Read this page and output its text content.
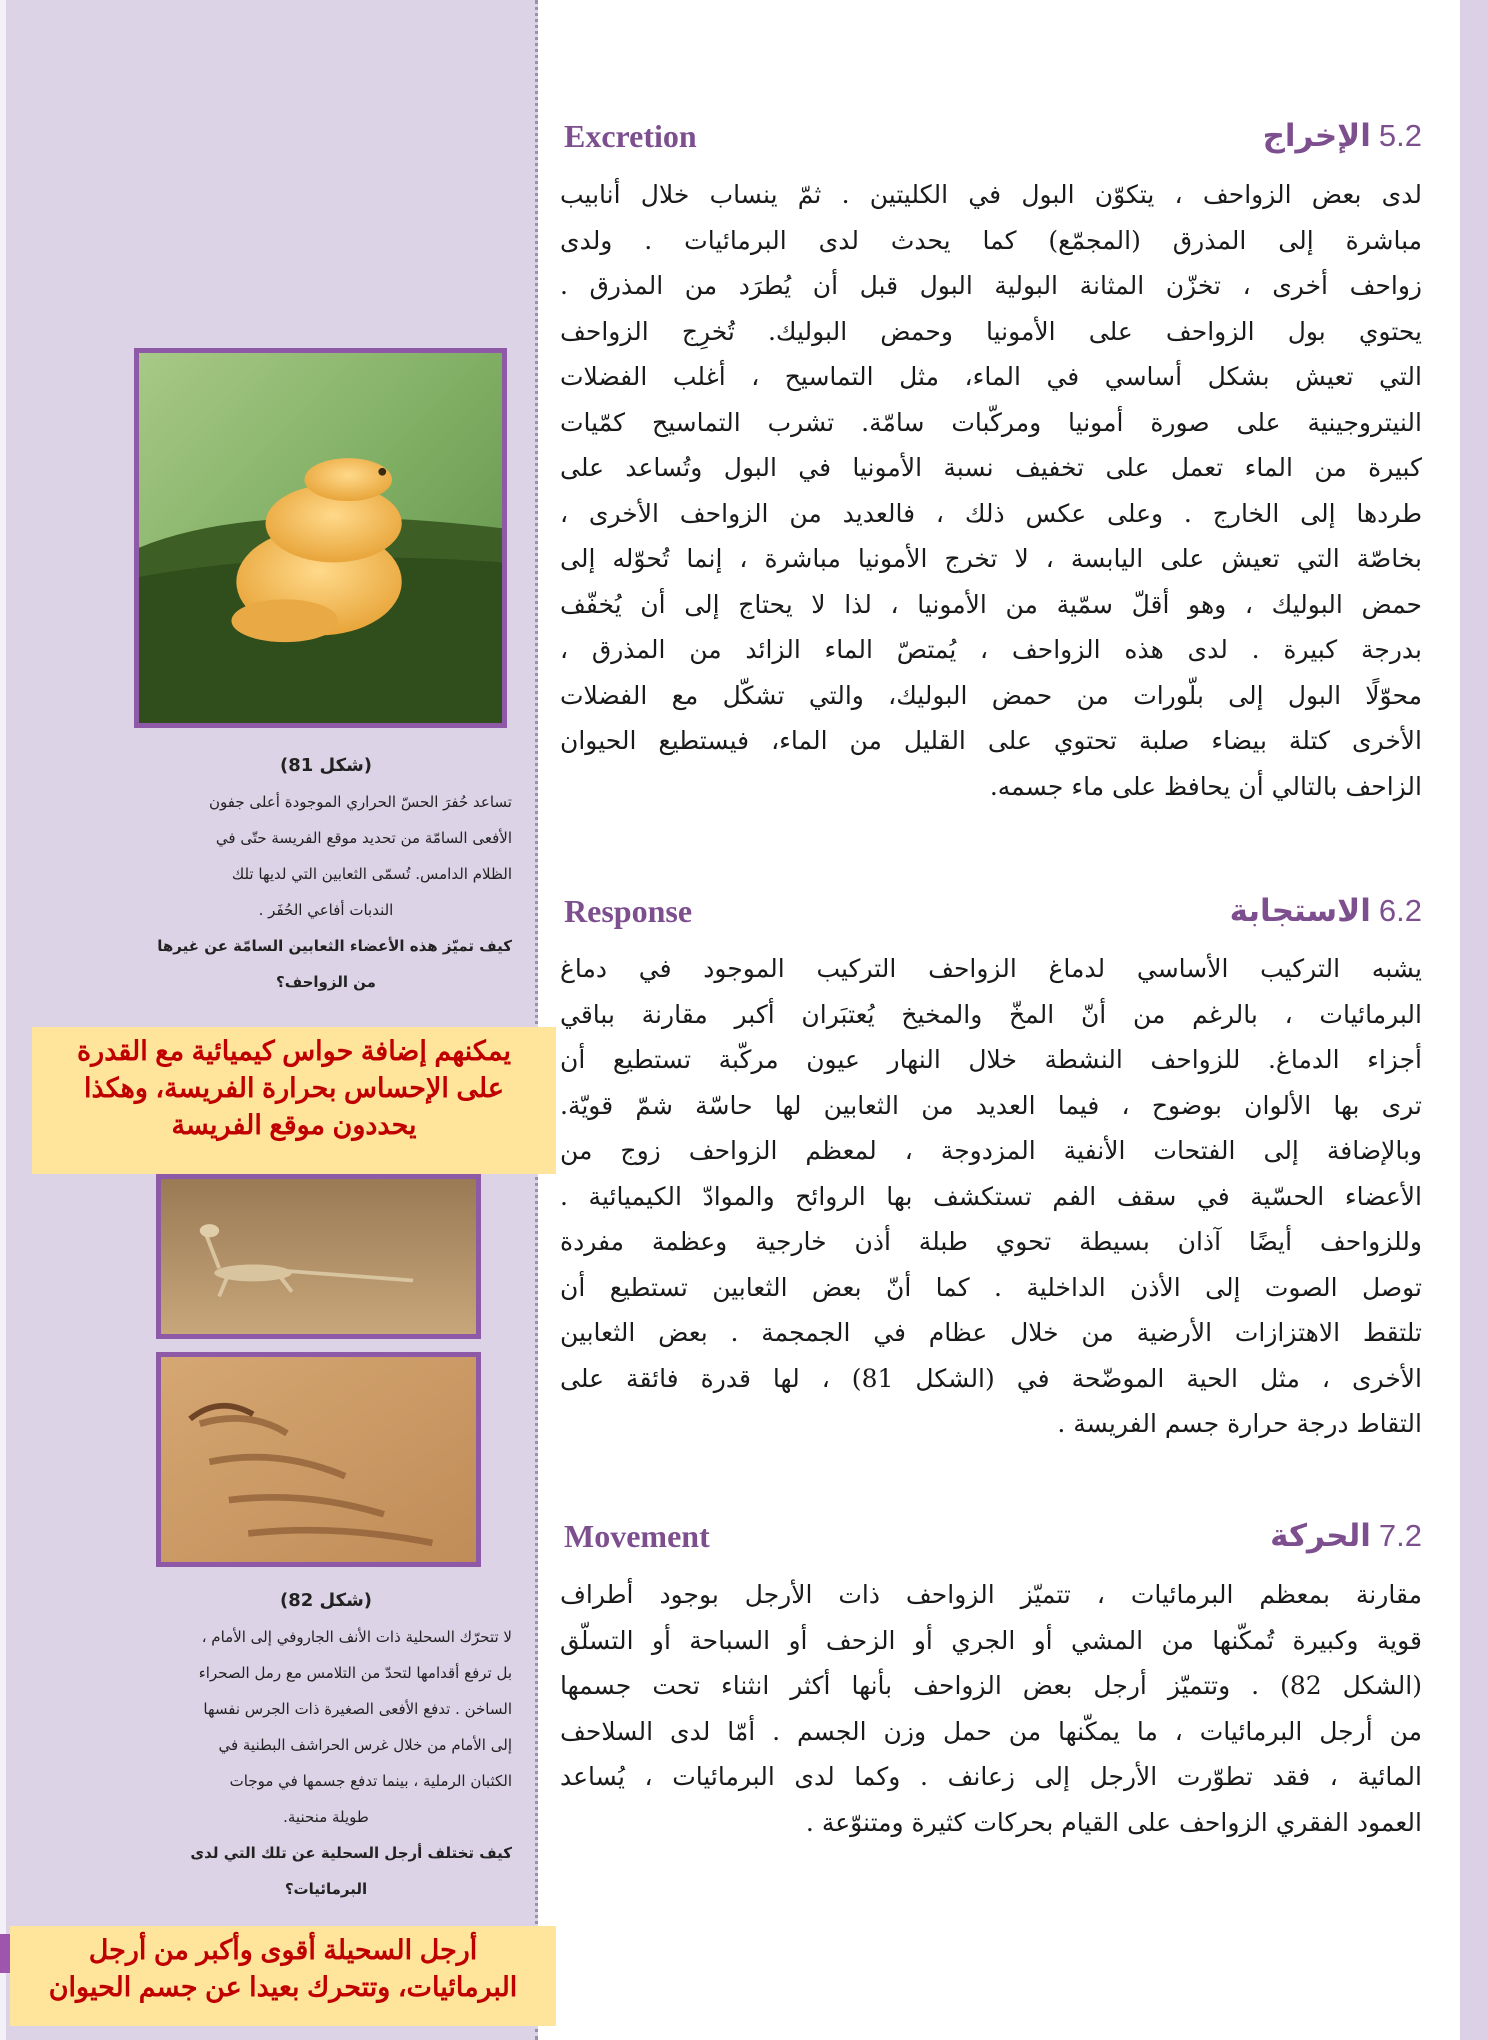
(شكل 81)
تساعد حُفرَ الحسّ الحراري الموجودة أعلى جفون
الأفعى السامّة من تحديد موقع الفريسة حتّى في
الظلام الدامس. تُسمّى الثعابين التي لديها تلك
الندبات أفاعي الحُفَر .
كيف تميّز هذه الأعضاء الثعابين السامّة عن غيرها
من الزواحف؟
(شكل 82)
لا تتحرّك السحلية ذات الأنف الجاروفي إلى الأمام ،
بل ترفع أقدامها لتحدّ من التلامس مع رمل الصحراء
الساخن . تدفع الأفعى الصغيرة ذات الجرس نفسها
إلى الأمام من خلال غرس الحراشف البطنية في
الكثبان الرملية ، بينما تدفع جسمها في موجات
طويلة منحنية.
كيف تختلف أرجل السحلية عن تلك التي لدى
البرمائيات؟
يمكنهم إضافة حواس كيميائية مع القدرة
على الإحساس بحرارة الفريسة، وهكذا
يحددون موقع الفريسة
أرجل السحيلة أقوى وأكبر من أرجل
البرمائيات، وتتحرك بعيدا عن جسم الحيوان
Excretion	5.2الإخراج
لدى بعض الزواحف ، يتكوّن البول في الكليتين . ثمّ ينساب خلال أنابيب
مباشرة إلى المذرق (المجمّع) كما يحدث لدى البرمائيات . ولدى
زواحف أخرى ، تخزّن المثانة البولية البول قبل أن يُطرَد من المذرق .
يحتوي بول الزواحف على الأمونيا وحمض البوليك. تُخرِج الزواحف
التي تعيش بشكل أساسي في الماء، مثل التماسيح ، أغلب الفضلات
النيتروجينية على صورة أمونيا ومركّبات سامّة. تشرب التماسيح كمّيات
كبيرة من الماء تعمل على تخفيف نسبة الأمونيا في البول وتُساعد على
طردها إلى الخارج . وعلى عكس ذلك ، فالعديد من الزواحف الأخرى ،
بخاصّة التي تعيش على اليابسة ، لا تخرج الأمونيا مباشرة ، إنما تُحوّله إلى
حمض البوليك ، وهو أقلّ سمّية من الأمونيا ، لذا لا يحتاج إلى أن يُخفّف
بدرجة كبيرة . لدى هذه الزواحف ، يُمتصّ الماء الزائد من المذرق ،
محوّلًا البول إلى بلّورات من حمض البوليك، والتي تشكّل مع الفضلات
الأخرى كتلة بيضاء صلبة تحتوي على القليل من الماء، فيستطيع الحيوان
الزاحف بالتالي أن يحافظ على ماء جسمه.
Response	6.2الاستجابة
يشبه التركيب الأساسي لدماغ الزواحف التركيب الموجود في دماغ
البرمائيات ، بالرغم من أنّ المخّ والمخيخ يُعتبَران أكبر مقارنة بباقي
أجزاء الدماغ. للزواحف النشطة خلال النهار عيون مركّبة تستطيع أن
ترى بها الألوان بوضوح ، فيما العديد من الثعابين لها حاسّة شمّ قويّة.
وبالإضافة إلى الفتحات الأنفية المزدوجة ، لمعظم الزواحف زوج من
الأعضاء الحسّية في سقف الفم تستكشف بها الروائح والموادّ الكيميائية .
وللزواحف أيضًا آذان بسيطة تحوي طبلة أذن خارجية وعظمة مفردة
توصل الصوت إلى الأذن الداخلية . كما أنّ بعض الثعابين تستطيع أن
تلتقط الاهتزازات الأرضية من خلال عظام في الجمجمة . بعض الثعابين
الأخرى ، مثل الحية الموضّحة في (الشكل 81) ، لها قدرة فائقة على
التقاط درجة حرارة جسم الفريسة .
Movement	7.2الحركة
مقارنة بمعظم البرمائيات ، تتميّز الزواحف ذات الأرجل بوجود أطراف
قوية وكبيرة تُمكّنها من المشي أو الجري أو الزحف أو السباحة أو التسلّق
(الشكل 82) . وتتميّز أرجل بعض الزواحف بأنها أكثر انثناء تحت جسمها
من أرجل البرمائيات ، ما يمكّنها من حمل وزن الجسم . أمّا لدى السلاحف
المائية ، فقد تطوّرت الأرجل إلى زعانف . وكما لدى البرمائيات ، يُساعد
العمود الفقري الزواحف على القيام بحركات كثيرة ومتنوّعة .
